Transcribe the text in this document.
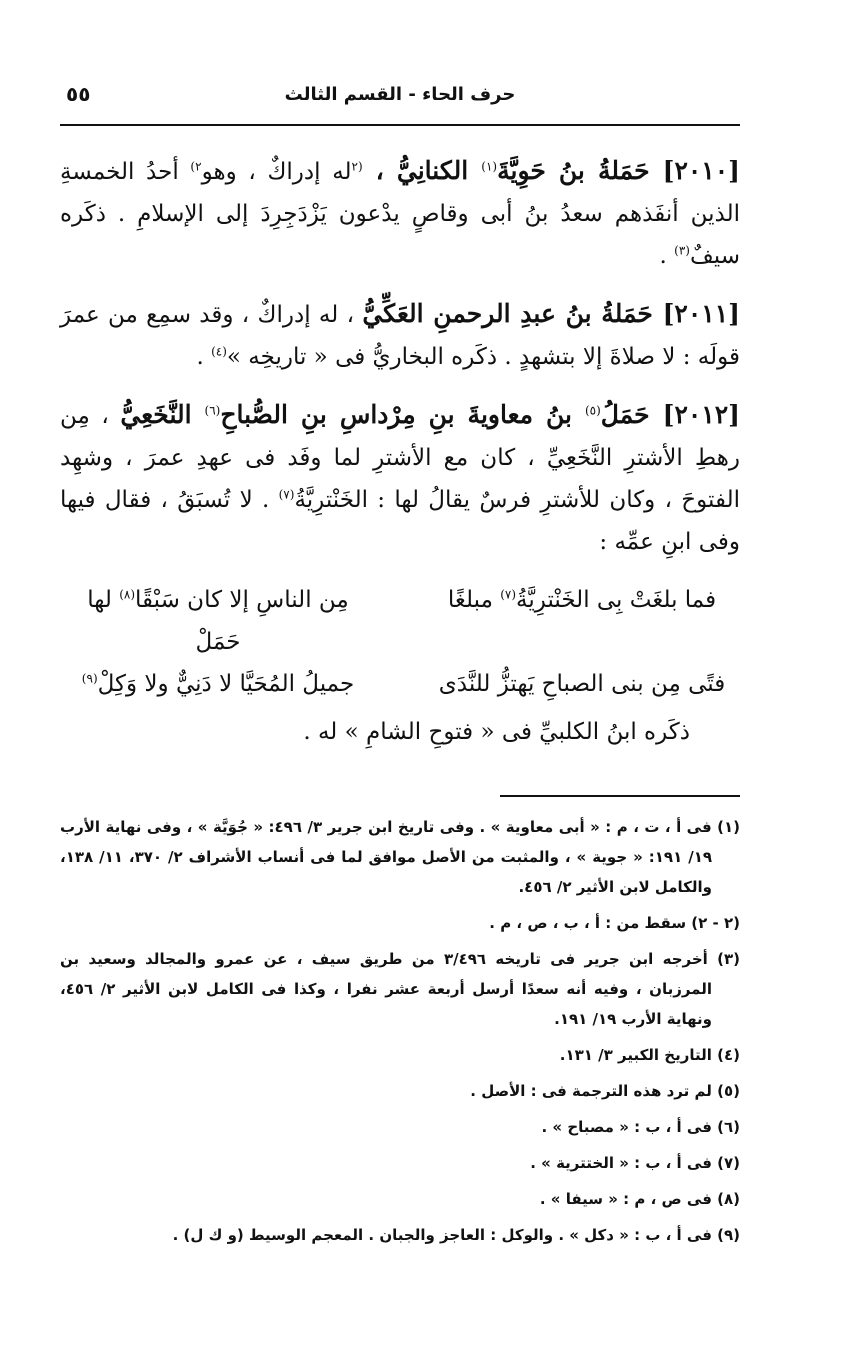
حرف الحاء - القسم الثالث
٥٥

[٢٠١٠] حَمَلةُ بنُ حَوِيَّةَ$^{(١)}$ الكنانِيُّ ، $^{(٢}$له إدراكٌ ، وهو$^{٢)}$ أحدُ الخمسةِ الذين أنفَذهم سعدُ بنُ أبى وقاصٍ يدْعون يَزْدَجِرِدَ إلى الإسلامِ . ذكَره سيفٌ$^{(٣)}$ .

[٢٠١١] حَمَلةُ بنُ عبدِ الرحمنِ العَكِّيُّ ، له إدراكٌ ، وقد سمِع من عمرَ قولَه : لا صلاةَ إلا بتشهدٍ . ذكَره البخاريُّ فى « تاريخِه »$^{(٤)}$ .

[٢٠١٢] حَمَلُ$^{(٥)}$ بنُ معاويةَ بنِ مِرْداسِ بنِ الصُّباحِ$^{(٦)}$ النَّخَعِيُّ ، مِن رهطِ الأشترِ النَّخَعِيِّ ، كان مع الأشترِ لما وفَد فى عهدِ عمرَ ، وشهِد الفتوحَ ، وكان للأشترِ فرسٌ يقالُ لها : الخَنْترِيَّةُ$^{(٧)}$ . لا تُسبَقُ ، فقال فيها وفى ابنِ عمِّه :

فما بلغَتْ بِى الخَنْترِيَّةُ$^{(٧)}$ مبلغًا
مِن الناسِ إلا كان سَبْقًا$^{(٨)}$ لها حَمَلْ
فتًى مِن بنى الصباحِ يَهتزُّ للنَّدَى
جميلُ المُحَيَّا لا دَنِيٌّ ولا وَكِلْ$^{(٩)}$

ذكَره ابنُ الكلبيِّ فى « فتوحِ الشامِ » له .

(١) فى أ ، ت ، م : « أبى معاوية » . وفى تاريخ ابن جرير ٣/ ٤٩٦: « جُوَيَّة » ، وفى نهاية الأرب ١٩/ ١٩١: « جوية » ، والمثبت من الأصل موافق لما فى أنساب الأشراف ٢/ ٣٧٠، ١١/ ١٣٨، والكامل لابن الأثير ٢/ ٤٥٦.

(٢ - ٢) سقط من : أ ، ب ، ص ، م .

(٣) أخرجه ابن جرير فى تاريخه ٣/٤٩٦ من طريق سيف ، عن عمرو والمجالد وسعيد بن المرزبان ، وفيه أنه سعدًا أرسل أربعة عشر نفرا ، وكذا فى الكامل لابن الأثير ٢/ ٤٥٦، ونهاية الأرب ١٩/ ١٩١.

(٤) التاريخ الكبير ٣/ ١٣١.

(٥) لم ترد هذه الترجمة فى : الأصل .

(٦) فى أ ، ب : « مصباح » .

(٧) فى أ ، ب : « الختترية » .

(٨) فى ص ، م : « سيفا » .

(٩) فى أ ، ب : « دكل » . والوكل : العاجز والجبان . المعجم الوسيط (و ك ل) .
